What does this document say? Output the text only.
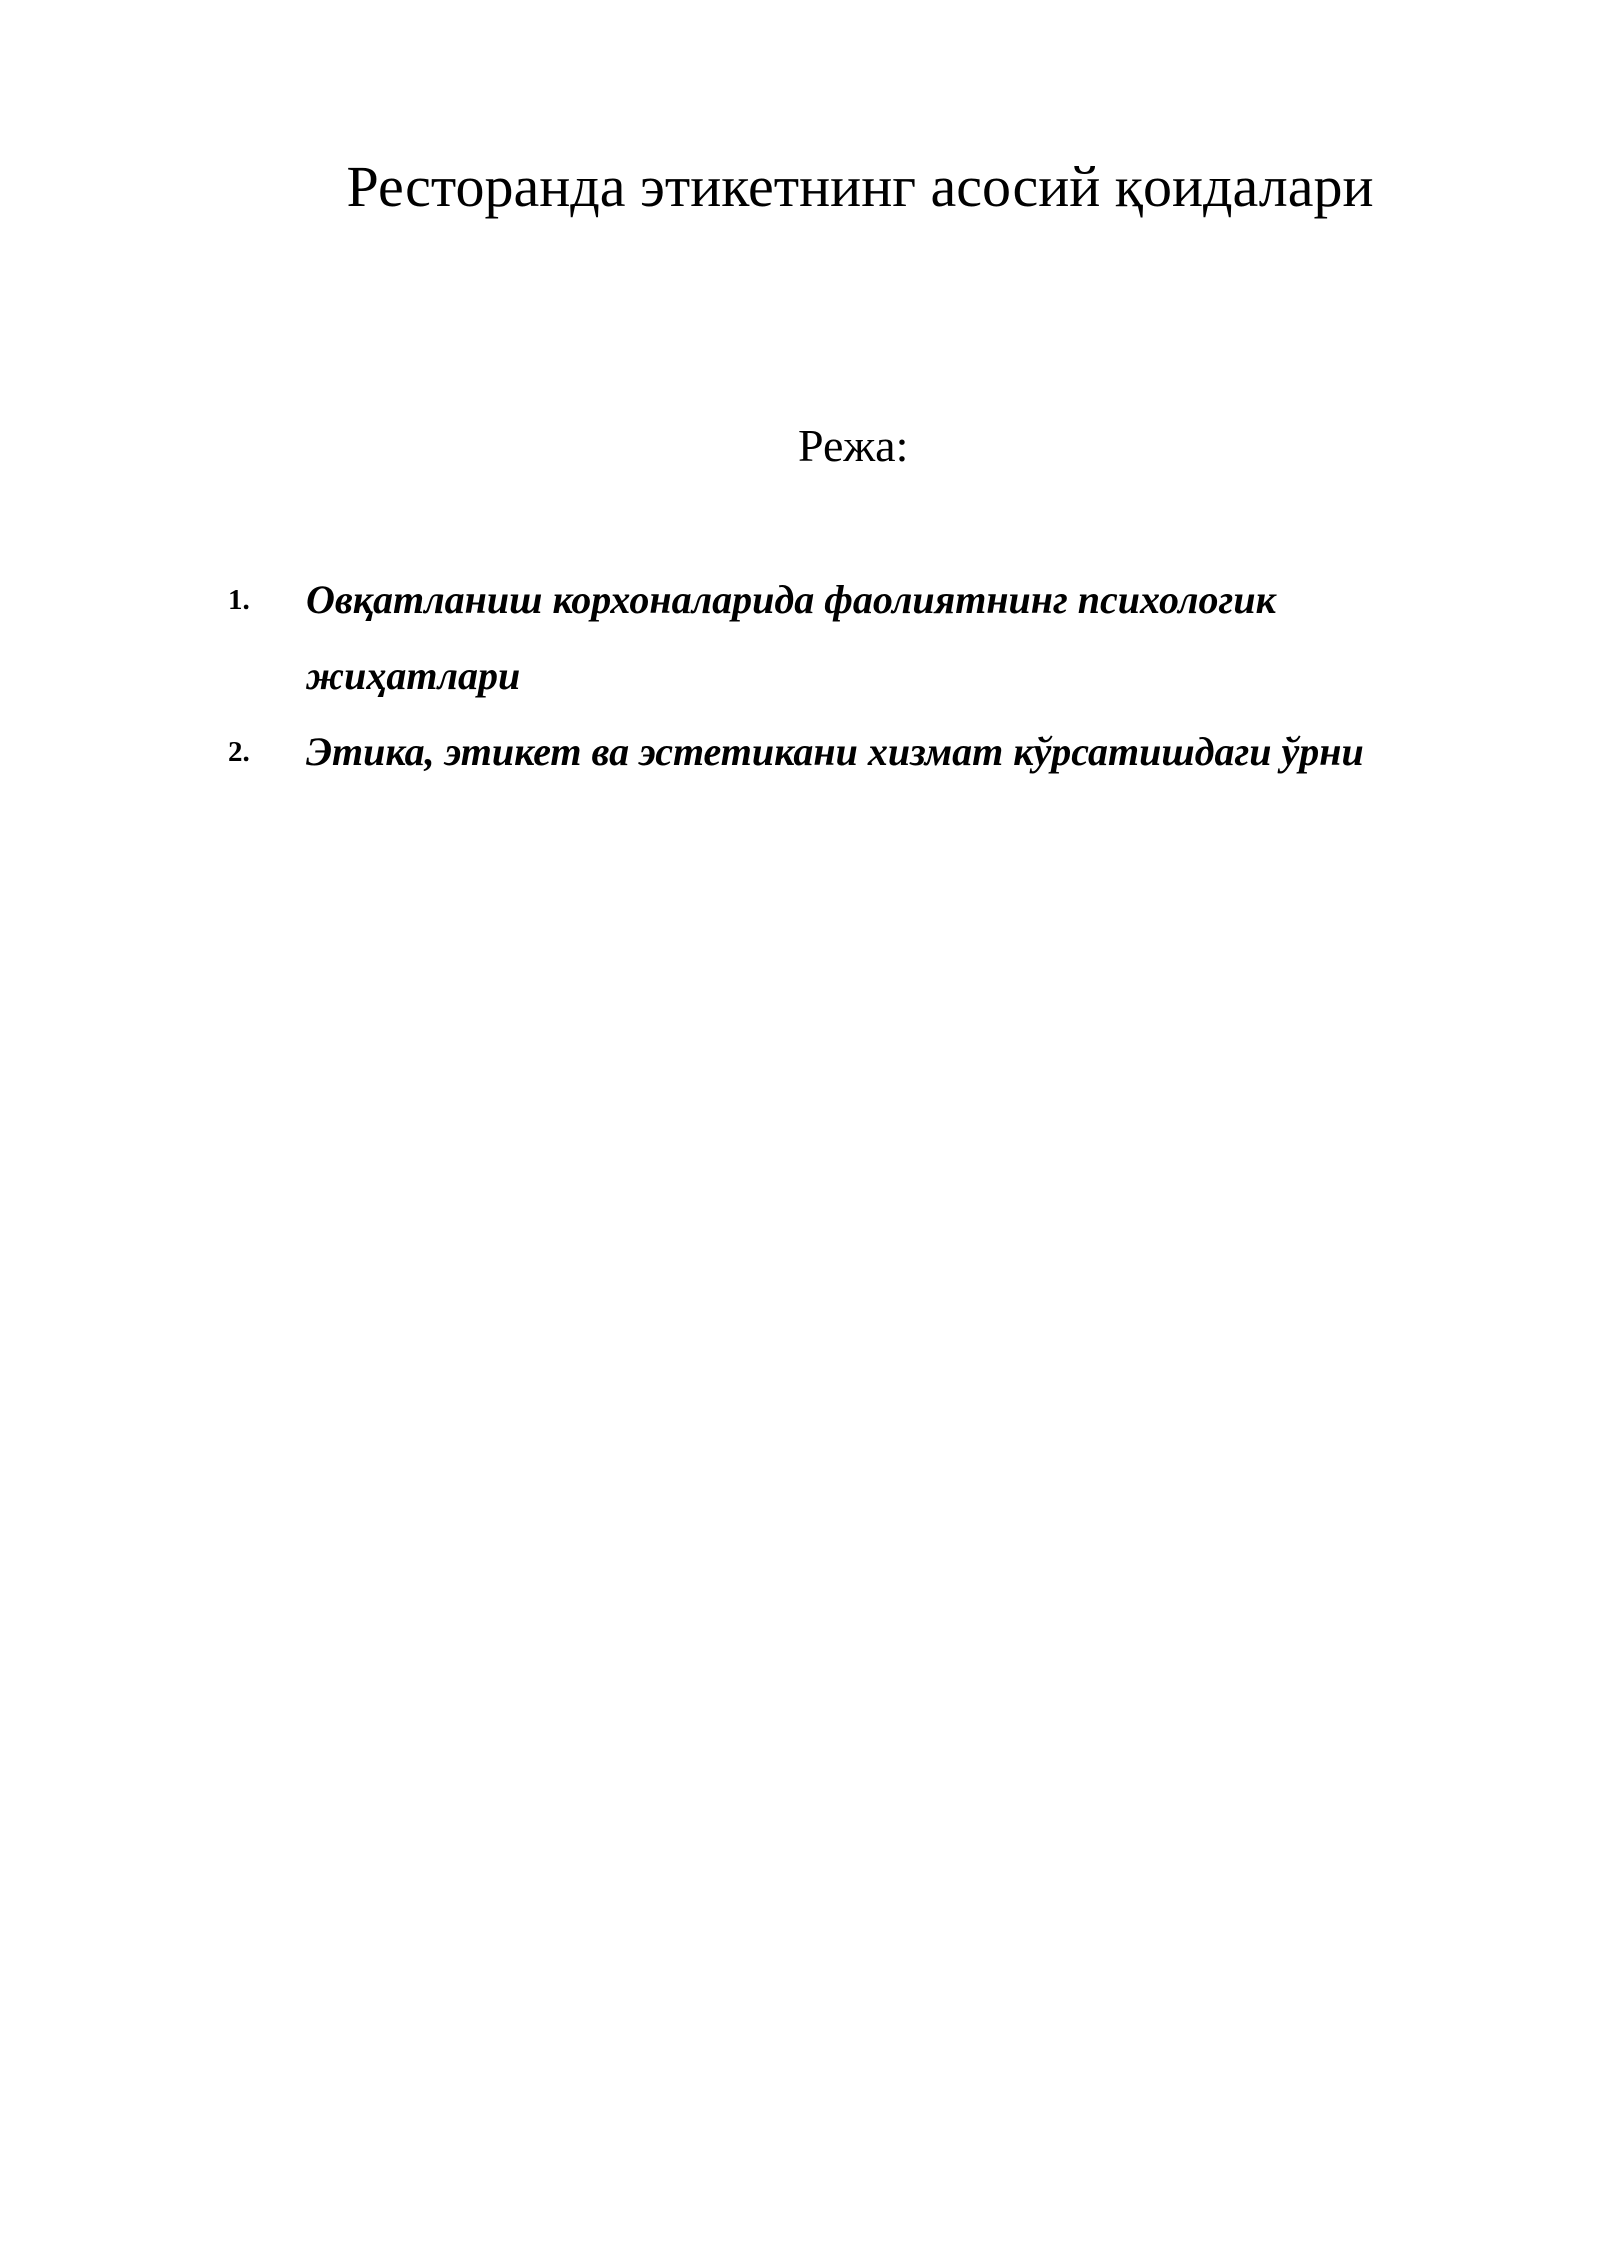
Ресторанда этикетнинг асосий қоидалари
Режа:
1. Овқатланиш корхоналарида фаолиятнинг психологик жиҳатлари
2. Этика, этикет ва эстетикани хизмат кўрсатишдаги ўрни
